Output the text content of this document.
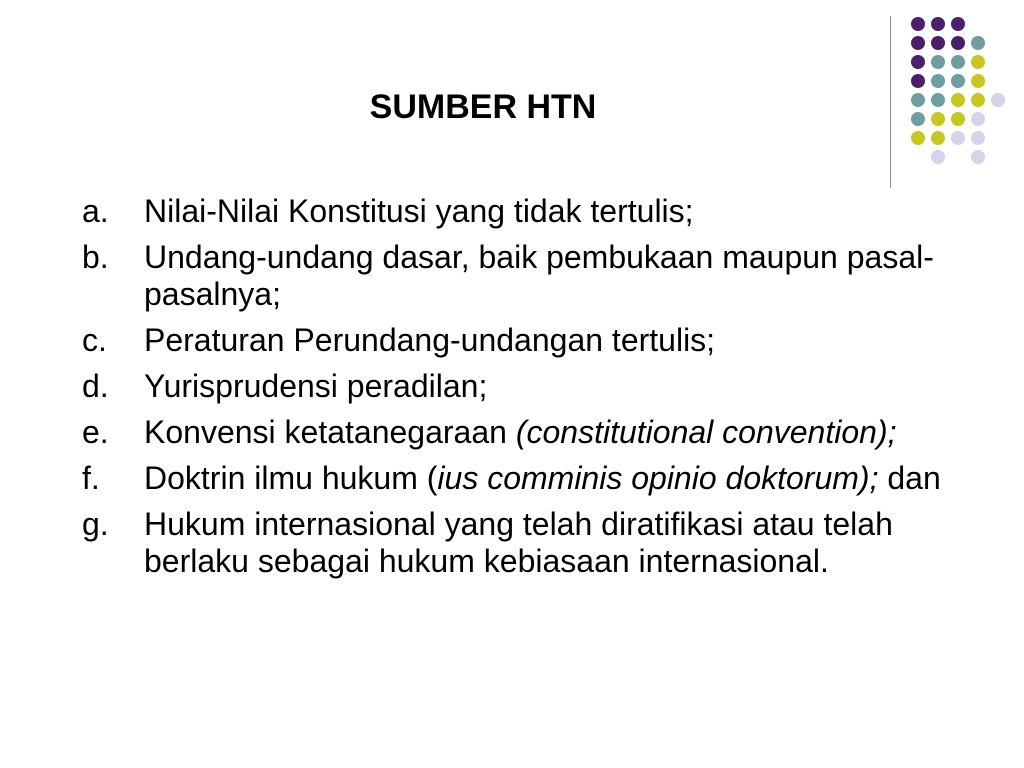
SUMBER HTN
a.	Nilai-Nilai Konstitusi yang tidak tertulis;
b.	Undang-undang dasar, baik pembukaan maupun pasal-pasalnya;
c.	Peraturan Perundang-undangan tertulis;
d.	Yurisprudensi peradilan;
e.	Konvensi ketatanegaraan (constitutional convention);
f.	Doktrin ilmu hukum (ius comminis opinio doktorum); dan
g.	Hukum internasional yang telah diratifikasi atau telah berlaku sebagai hukum kebiasaan internasional.
